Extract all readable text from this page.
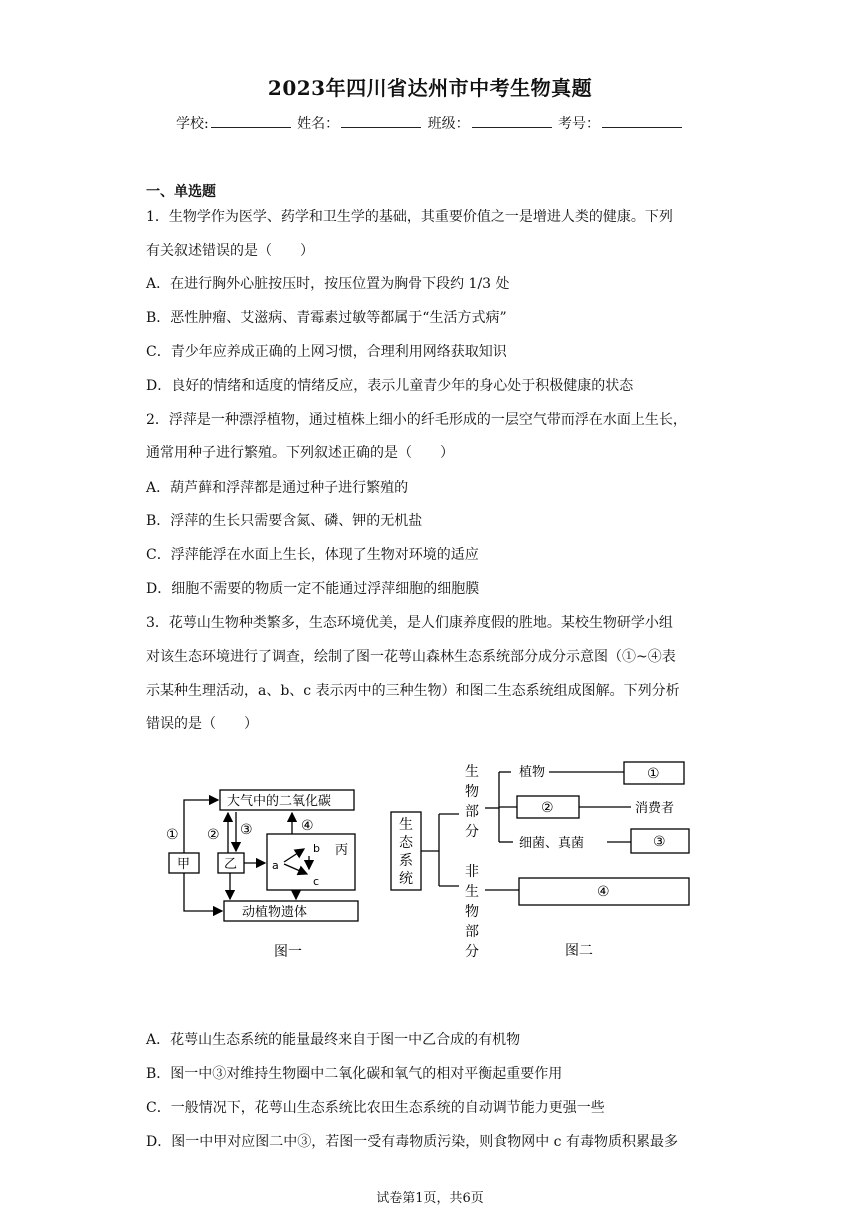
2023年四川省达州市中考生物真题
学校:	姓名：	班级：	考号：
一、单选题
1．生物学作为医学、药学和卫生学的基础，其重要价值之一是增进人类的健康。下列
有关叙述错误的是（　　）
A．在进行胸外心脏按压时，按压位置为胸骨下段约 1/3 处
B．恶性肿瘤、艾滋病、青霉素过敏等都属于“生活方式病”
C．青少年应养成正确的上网习惯，合理利用网络获取知识
D．良好的情绪和适度的情绪反应，表示儿童青少年的身心处于积极健康的状态
2．浮萍是一种漂浮植物，通过植株上细小的纤毛形成的一层空气带而浮在水面上生长，
通常用种子进行繁殖。下列叙述正确的是（　　）
A．葫芦藓和浮萍都是通过种子进行繁殖的
B．浮萍的生长只需要含氮、磷、钾的无机盐
C．浮萍能浮在水面上生长，体现了生物对环境的适应
D．细胞不需要的物质一定不能通过浮萍细胞的细胞膜
3．花萼山生物种类繁多，生态环境优美，是人们康养度假的胜地。某校生物研学小组
对该生态环境进行了调查，绘制了图一花萼山森林生态系统部分成分示意图（①~④表
示某种生理活动，a、b、c 表示丙中的三种生物）和图二生态系统组成图解。下列分析
错误的是（　　）
大气中的二氧化碳
动植物遗体
甲	乙
丙
a
b
c
① ② ③	④
图一
生
态
系
统
生
物
部
分
非
生
物
部
分
植物
消费者
细菌、真菌
①
②
③
④
图二
A．花萼山生态系统的能量最终来自于图一中乙合成的有机物
B．图一中③对维持生物圈中二氧化碳和氧气的相对平衡起重要作用
C．一般情况下，花萼山生态系统比农田生态系统的自动调节能力更强一些
D．图一中甲对应图二中③，若图一受有毒物质污染，则食物网中 c 有毒物质积累最多
试卷第1页，共6页
